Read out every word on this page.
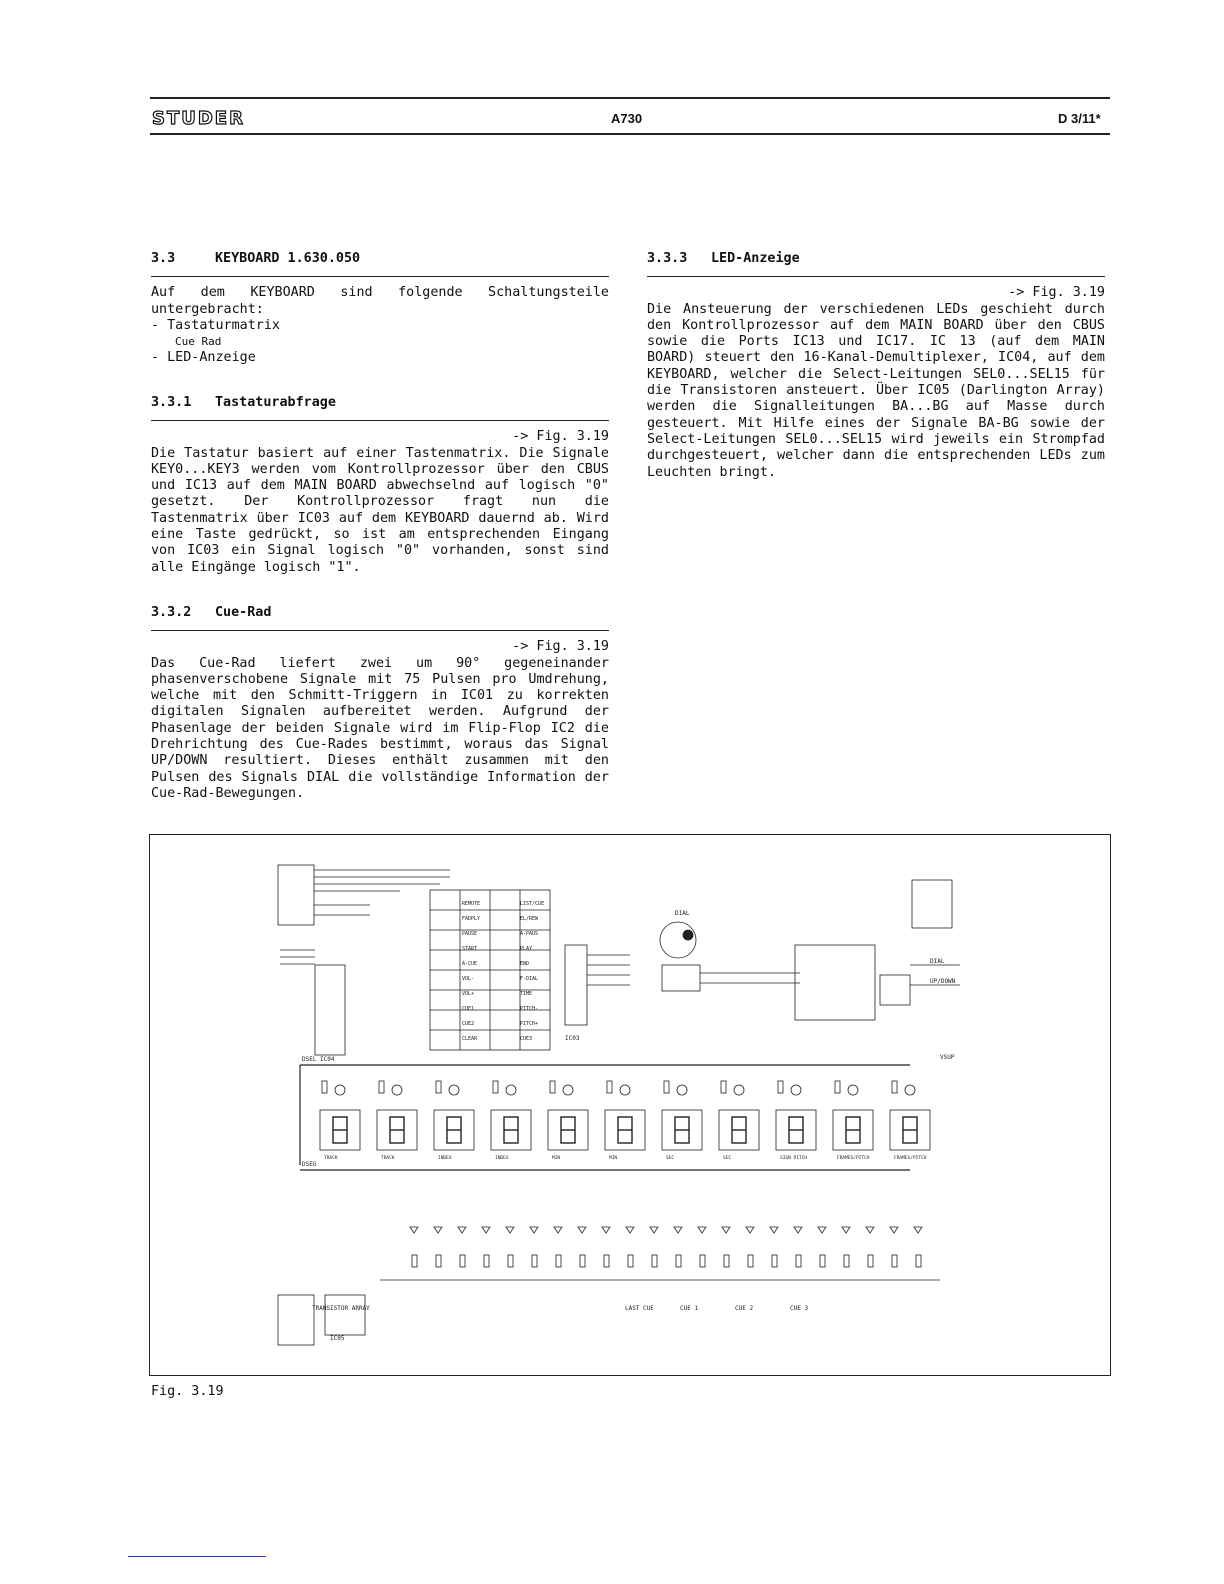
STUDER	A730	D 3/11*
3.3	KEYBOARD 1.630.050

Auf dem KEYBOARD sind folgende Schaltungsteile untergebracht:

- Tastaturmatrix
Cue Rad
- LED-Anzeige
3.3.1	Tastaturabfrage
-> Fig. 3.19

Die Tastatur basiert auf einer Tastenmatrix. Die Signale KEY0...KEY3 werden vom Kontrollprozessor über den CBUS und IC13 auf dem MAIN BOARD abwechselnd auf logisch "0" gesetzt. Der Kontrollprozessor fragt nun die Tastenmatrix über IC03 auf dem KEYBOARD dauernd ab. Wird eine Taste gedrückt, so ist am entsprechenden Eingang von IC03 ein Signal logisch "0" vorhanden, sonst sind alle Eingänge logisch "1".

3.3.2	Cue-Rad
-> Fig. 3.19

Das Cue-Rad liefert zwei um 90° gegeneinander phasenverschobene Signale mit 75 Pulsen pro Umdrehung, welche mit den Schmitt-Triggern in IC01 zu korrekten digitalen Signalen aufbereitet werden. Aufgrund der Phasenlage der beiden Signale wird im Flip-Flop IC2 die Drehrichtung des Cue-Rades bestimmt, woraus das Signal UP/DOWN resultiert. Dieses enthält zusammen mit den Pulsen des Signals DIAL die vollständige Information der Cue-Rad-Bewegungen.

3.3.3	LED-Anzeige
-> Fig. 3.19

Die Ansteuerung der verschiedenen LEDs geschieht durch den Kontrollprozessor auf dem MAIN BOARD über den CBUS sowie die Ports IC13 und IC17. IC 13 (auf dem MAIN BOARD) steuert den 16-Kanal-Demultiplexer, IC04, auf dem KEYBOARD, welcher die Select-Leitungen SEL0...SEL15 für die Transistoren ansteuert. Über IC05 (Darlington Array) werden die Signalleitungen BA...BG auf Masse durch gesteuert. Mit Hilfe eines der Signale BA-BG sowie der Select-Leitungen SEL0...SEL15 wird jeweils ein Strompfad durchgesteuert, welcher dann die entsprechenden LEDs zum Leuchten bringt.

TRACK	TRACK	INDEX	INDEX	MIN	MIN	SEC	SEC	SIGN PITCH	FRAMES/PITCH	FRAMES/PITCH
DIAL
DSEL
DSEG
IC04
IC03
IC05
TRANSISTOR ARRAY
DIAL
UP/DOWN
LAST CUE	CUE 1	CUE 2	CUE 3
VSUP
REMOTE	LIST/CUE
FADPLY	EL/REW
PAUSE	A-PAUS
START	PLAY
A-CUE	END
VOL-	F-DIAL
VOL+	TIME
CUE1	PITCH-
CUE2	PITCH+
CLEAR	CUE3
Fig. 3.19
